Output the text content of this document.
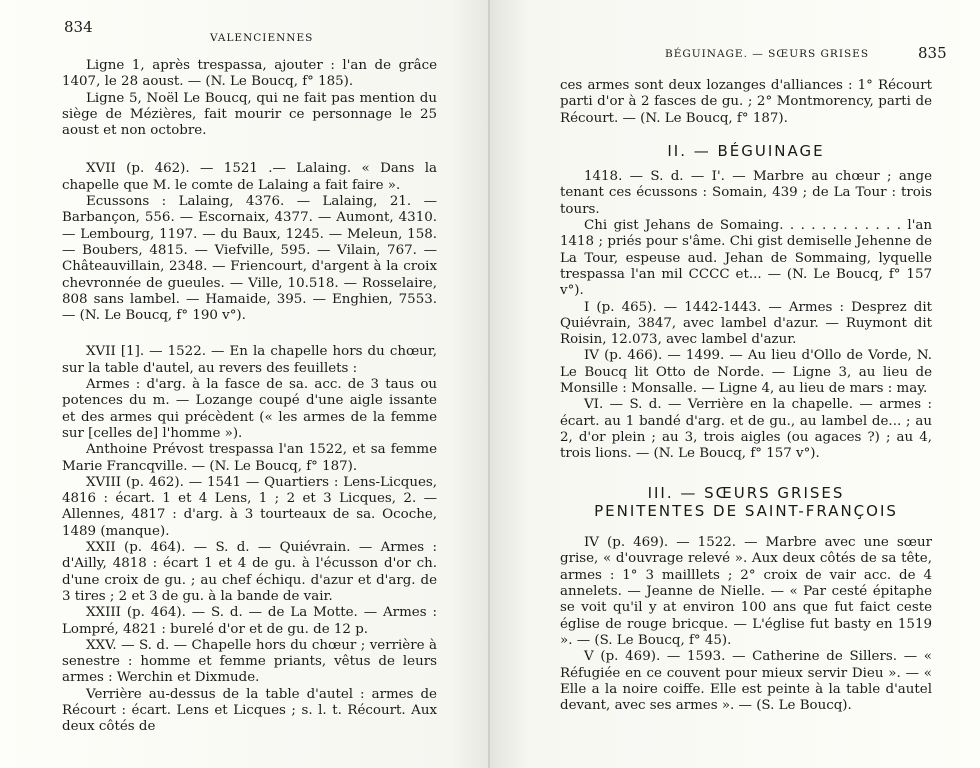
834
VALENCIENNES

Ligne 1, après trespassa, ajouter : l'an de grâce 1407, le 28 aoust. — (N. Le Boucq, f° 185).

Ligne 5, Noël Le Boucq, qui ne fait pas mention du siège de Mézières, fait mourir ce personnage le 25 aoust et non octobre.

XVII (p. 462). — 1521 .— Lalaing. « Dans la chapelle que M. le comte de Lalaing a fait faire ».

Ecussons : Lalaing, 4376. — Lalaing, 21. — Barbançon, 556. — Escornaix, 4377. — Aumont, 4310. — Lembourg, 1197. — du Baux, 1245. — Meleun, 158. — Boubers, 4815. — Viefville, 595. — Vilain, 767. — Châteauvillain, 2348. — Friencourt, d'argent à la croix chevronnée de gueules. — Ville, 10.518. — Rosselaire, 808 sans lambel. — Hamaide, 395. — Enghien, 7553. — (N. Le Boucq, f° 190 v°).

XVII [1]. — 1522. — En la chapelle hors du chœur, sur la table d'autel, au revers des feuillets :

Armes : d'arg. à la fasce de sa. acc. de 3 taus ou potences du m. — Lozange coupé d'une aigle issante et des armes qui précèdent (« les armes de la femme sur [celles de] l'homme »).

Anthoine Prévost trespassa l'an 1522, et sa femme Marie Francqville. — (N. Le Boucq, f° 187).

XVIII (p. 462). — 1541 — Quartiers : Lens-Licques, 4816 : écart. 1 et 4 Lens, 1 ; 2 et 3 Licques, 2. — Allennes, 4817 : d'arg. à 3 tourteaux de sa. Ocoche, 1489 (manque).

XXII (p. 464). — S. d. — Quiévrain. — Armes : d'Ailly, 4818 : écart 1 et 4 de gu. à l'écusson d'or ch. d'une croix de gu. ; au chef échiqu. d'azur et d'arg. de 3 tires ; 2 et 3 de gu. à la bande de vair.

XXIII (p. 464). — S. d. — de La Motte. — Armes : Lompré, 4821 : burelé d'or et de gu. de 12 p.

XXV. — S. d. — Chapelle hors du chœur ; verrière à senestre : homme et femme priants, vêtus de leurs armes : Werchin et Dixmude.

Verrière au-dessus de la table d'autel : armes de Récourt : écart. Lens et Licques ; s. l. t. Récourt. Aux deux côtés de

BÉGUINAGE. — SŒURS GRISES	835

ces armes sont deux lozanges d'alliances : 1° Récourt parti d'or à 2 fasces de gu. ; 2° Montmorency, parti de Récourt. — (N. Le Boucq, f° 187).

II. — BÉGUINAGE

1418. — S. d. — I'. — Marbre au chœur ; ange tenant ces écussons : Somain, 439 ; de La Tour : trois tours.

Chi gist Jehans de Somaing. . . . . . . . . . . . l'an 1418 ; priés pour s'âme. Chi gist demiselle Jehenne de La Tour, espeuse aud. Jehan de Sommaing, lyquelle trespassa l'an mil CCCC et... — (N. Le Boucq, f° 157 v°).

I (p. 465). — 1442-1443. — Armes : Desprez dit Quiévrain, 3847, avec lambel d'azur. — Ruymont dit Roisin, 12.073, avec lambel d'azur.

IV (p. 466). — 1499. — Au lieu d'Ollo de Vorde, N. Le Boucq lit Otto de Norde. — Ligne 3, au lieu de Monsille : Monsalle. — Ligne 4, au lieu de mars : may.

VI. — S. d. — Verrière en la chapelle. — armes : écart. au 1 bandé d'arg. et de gu., au lambel de... ; au 2, d'or plein ; au 3, trois aigles (ou agaces ?) ; au 4, trois lions. — (N. Le Boucq, f° 157 v°).

III. — SŒURS GRISES
PENITENTES DE SAINT-FRANÇOIS

IV (p. 469). — 1522. — Marbre avec une sœur grise, « d'ouvrage relevé ». Aux deux côtés de sa tête, armes : 1° 3 mailllets ; 2° croix de vair acc. de 4 annelets. — Jeanne de Nielle. — « Par cesté épitaphe se voit qu'il y at environ 100 ans que fut faict ceste église de rouge bricque. — L'église fut basty en 1519 ». — (S. Le Boucq, f° 45).

V (p. 469). — 1593. — Catherine de Sillers. — « Réfugiée en ce couvent pour mieux servir Dieu ». — « Elle a la noire coiffe. Elle est peinte à la table d'autel devant, avec ses armes ». — (S. Le Boucq).
